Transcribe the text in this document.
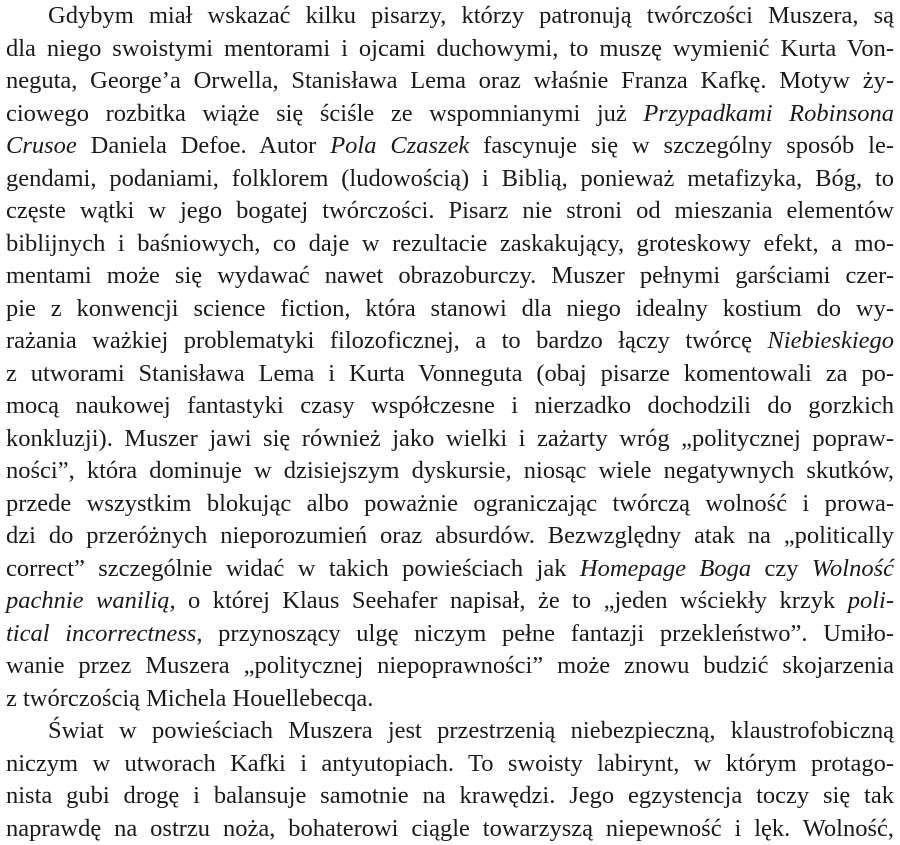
Gdybym miał wskazać kilku pisarzy, którzy patronują twórczości Muszera, są
dla niego swoistymi mentorami i ojcami duchowymi, to muszę wymienić Kurta Von-
neguta, George’a Orwella, Stanisława Lema oraz właśnie Franza Kafkę. Motyw ży-
ciowego rozbitka wiąże się ściśle ze wspomnianymi już Przypadkami Robinsona
Crusoe Daniela Defoe. Autor Pola Czaszek fascynuje się w szczególny sposób le-
gendami, podaniami, folklorem (ludowością) i Biblią, ponieważ metafizyka, Bóg, to
częste wątki w jego bogatej twórczości. Pisarz nie stroni od mieszania elementów
biblijnych i baśniowych, co daje w rezultacie zaskakujący, groteskowy efekt, a mo-
mentami może się wydawać nawet obrazoburczy. Muszer pełnymi garściami czer-
pie z konwencji science fiction, która stanowi dla niego idealny kostium do wy-
rażania ważkiej problematyki filozoficznej, a to bardzo łączy twórcę Niebieskiego
z utworami Stanisława Lema i Kurta Vonneguta (obaj pisarze komentowali za po-
mocą naukowej fantastyki czasy współczesne i nierzadko dochodzili do gorzkich
konkluzji). Muszer jawi się również jako wielki i zażarty wróg „politycznej popraw-
ności”, która dominuje w dzisiejszym dyskursie, niosąc wiele negatywnych skutków,
przede wszystkim blokując albo poważnie ograniczając twórczą wolność i prowa-
dzi do przeróżnych nieporozumień oraz absurdów. Bezwzględny atak na „politically
correct” szczególnie widać w takich powieściach jak Homepage Boga czy Wolność
pachnie wanilią, o której Klaus Seehafer napisał, że to „jeden wściekły krzyk poli-
tical incorrectness, przynoszący ulgę niczym pełne fantazji przekleństwo”. Umiło-
wanie przez Muszera „politycznej niepoprawności” może znowu budzić skojarzenia
z twórczością Michela Houellebecqa.
Świat w powieściach Muszera jest przestrzenią niebezpieczną, klaustrofobiczną
niczym w utworach Kafki i antyutopiach. To swoisty labirynt, w którym protago-
nista gubi drogę i balansuje samotnie na krawędzi. Jego egzystencja toczy się tak
naprawdę na ostrzu noża, bohaterowi ciągle towarzyszą niepewność i lęk. Wolność,
